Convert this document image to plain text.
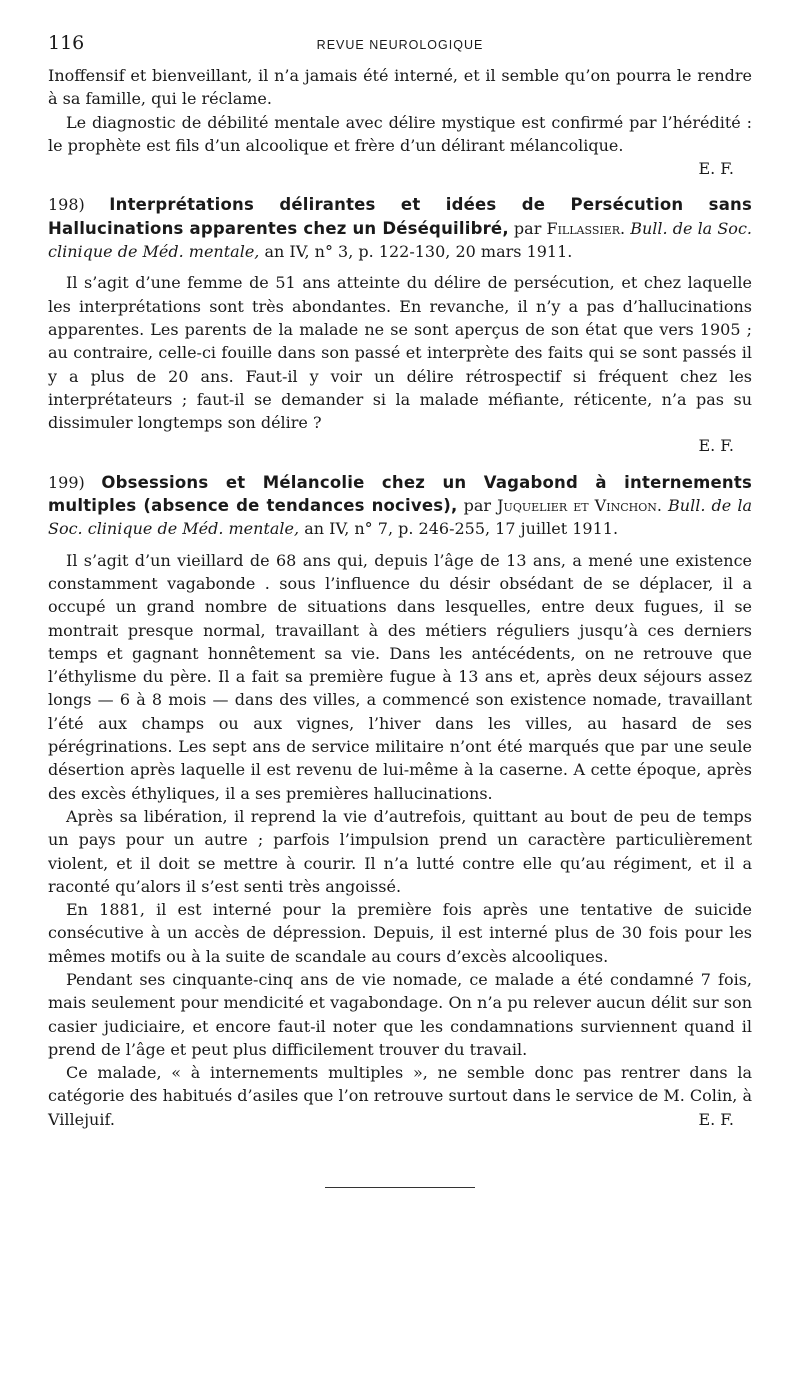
116	REVUE NEUROLOGIQUE

Inoffensif et bienveillant, il n’a jamais été interné, et il semble qu’on pourra le rendre à sa famille, qui le réclame.

Le diagnostic de débilité mentale avec délire mystique est confirmé par l’hérédité : le prophète est fils d’un alcoolique et frère d’un délirant mélancolique.

E. F.

198) Interprétations délirantes et idées de Persécution sans Hallucinations apparentes chez un Déséquilibré, par Fillassier. Bull. de la Soc. clinique de Méd. mentale, an IV, n° 3, p. 122-130, 20 mars 1911.

Il s’agit d’une femme de 51 ans atteinte du délire de persécution, et chez laquelle les interprétations sont très abondantes. En revanche, il n’y a pas d’hallucinations apparentes. Les parents de la malade ne se sont aperçus de son état que vers 1905 ; au contraire, celle-ci fouille dans son passé et interprète des faits qui se sont passés il y a plus de 20 ans. Faut-il y voir un délire rétrospectif si fréquent chez les interprétateurs ; faut-il se demander si la malade méfiante, réticente, n’a pas su dissimuler longtemps son délire ?

E. F.

199) Obsessions et Mélancolie chez un Vagabond à internements multiples (absence de tendances nocives), par Juquelier et Vinchon. Bull. de la Soc. clinique de Méd. mentale, an IV, n° 7, p. 246-255, 17 juillet 1911.

Il s’agit d’un vieillard de 68 ans qui, depuis l’âge de 13 ans, a mené une existence constamment vagabonde . sous l’influence du désir obsédant de se déplacer, il a occupé un grand nombre de situations dans lesquelles, entre deux fugues, il se montrait presque normal, travaillant à des métiers réguliers jusqu’à ces derniers temps et gagnant honnêtement sa vie. Dans les antécédents, on ne retrouve que l’éthylisme du père. Il a fait sa première fugue à 13 ans et, après deux séjours assez longs — 6 à 8 mois — dans des villes, a commencé son existence nomade, travaillant l’été aux champs ou aux vignes, l’hiver dans les villes, au hasard de ses pérégrinations. Les sept ans de service militaire n’ont été marqués que par une seule désertion après laquelle il est revenu de lui-même à la caserne. A cette époque, après des excès éthyliques, il a ses premières hallucinations.

Après sa libération, il reprend la vie d’autrefois, quittant au bout de peu de temps un pays pour un autre ; parfois l’impulsion prend un caractère particulièrement violent, et il doit se mettre à courir. Il n’a lutté contre elle qu’au régiment, et il a raconté qu’alors il s’est senti très angoissé.

En 1881, il est interné pour la première fois après une tentative de suicide consécutive à un accès de dépression. Depuis, il est interné plus de 30 fois pour les mêmes motifs ou à la suite de scandale au cours d’excès alcooliques.

Pendant ses cinquante-cinq ans de vie nomade, ce malade a été condamné 7 fois, mais seulement pour mendicité et vagabondage. On n’a pu relever aucun délit sur son casier judiciaire, et encore faut-il noter que les condamnations surviennent quand il prend de l’âge et peut plus difficilement trouver du travail.

Ce malade, « à internements multiples », ne semble donc pas rentrer dans la catégorie des habitués d’asiles que l’on retrouve surtout dans le service de M. Colin, à Villejuif.	E. F.
